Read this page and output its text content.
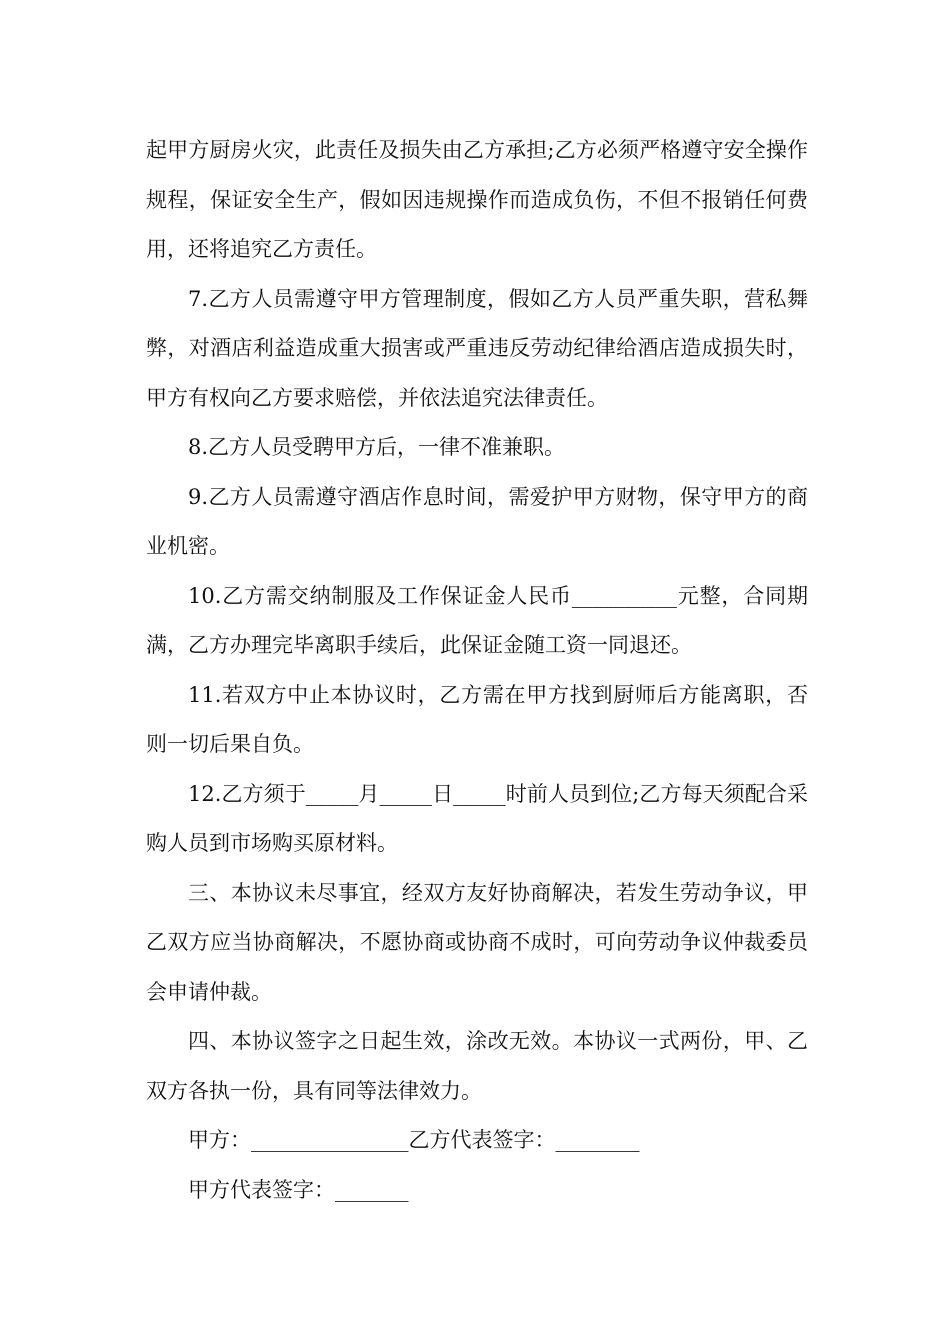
起甲方厨房火灾，此责任及损失由乙方承担;乙方必须严格遵守安全操作规程，保证安全生产，假如因违规操作而造成负伤，不但不报销任何费用，还将追究乙方责任。

7.乙方人员需遵守甲方管理制度，假如乙方人员严重失职，营私舞弊，对酒店利益造成重大损害或严重违反劳动纪律给酒店造成损失时，甲方有权向乙方要求赔偿，并依法追究法律责任。

8.乙方人员受聘甲方后，一律不准兼职。

9.乙方人员需遵守酒店作息时间，需爱护甲方财物，保守甲方的商业机密。

10.乙方需交纳制服及工作保证金人民币__________元整，合同期满，乙方办理完毕离职手续后，此保证金随工资一同退还。

11.若双方中止本协议时，乙方需在甲方找到厨师后方能离职，否则一切后果自负。

12.乙方须于_____月_____日_____时前人员到位;乙方每天须配合采购人员到市场购买原材料。

三、本协议未尽事宜，经双方友好协商解决，若发生劳动争议，甲乙双方应当协商解决，不愿协商或协商不成时，可向劳动争议仲裁委员会申请仲裁。

四、本协议签字之日起生效，涂改无效。本协议一式两份，甲、乙双方各执一份，具有同等法律效力。

甲方：_______________乙方代表签字：________

甲方代表签字：_______
